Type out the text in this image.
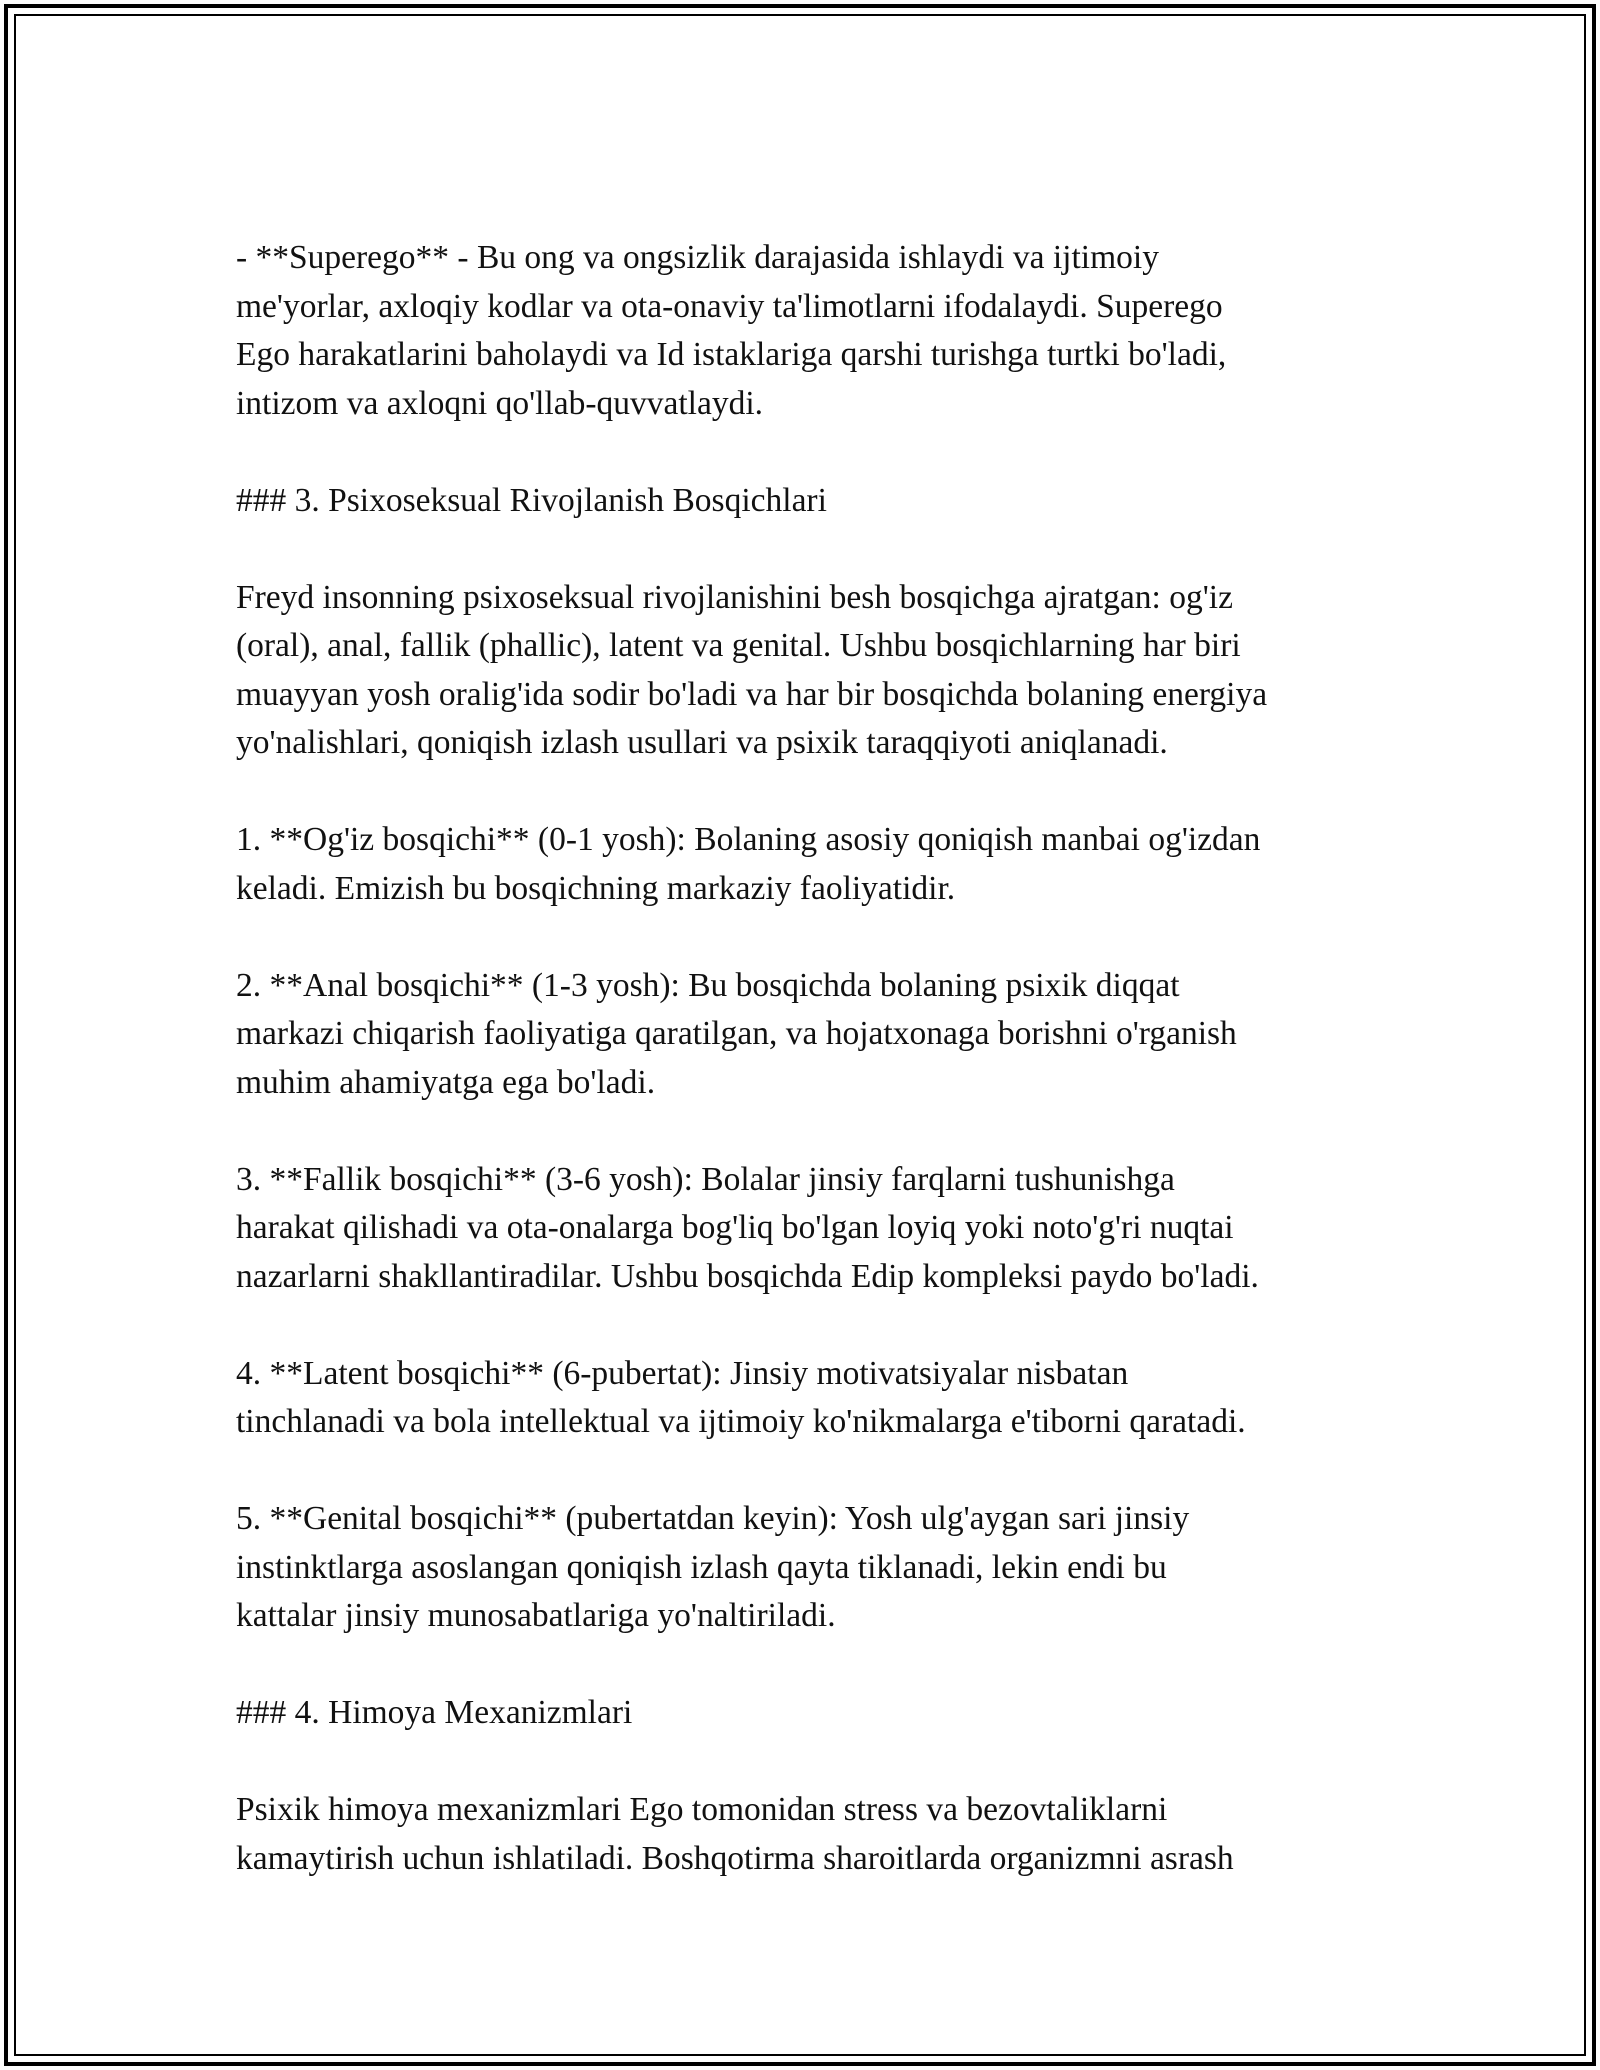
- **Superego** - Bu ong va ongsizlik darajasida ishlaydi va ijtimoiy
me'yorlar, axloqiy kodlar va ota-onaviy ta'limotlarni ifodalaydi. Superego
Ego harakatlarini baholaydi va Id istaklariga qarshi turishga turtki bo'ladi,
intizom va axloqni qo'llab-quvvatlaydi.

### 3. Psixoseksual Rivojlanish Bosqichlari

Freyd insonning psixoseksual rivojlanishini besh bosqichga ajratgan: og'iz
(oral), anal, fallik (phallic), latent va genital. Ushbu bosqichlarning har biri
muayyan yosh oralig'ida sodir bo'ladi va har bir bosqichda bolaning energiya
yo'nalishlari, qoniqish izlash usullari va psixik taraqqiyoti aniqlanadi.

1. **Og'iz bosqichi** (0-1 yosh): Bolaning asosiy qoniqish manbai og'izdan
keladi. Emizish bu bosqichning markaziy faoliyatidir.

2. **Anal bosqichi** (1-3 yosh): Bu bosqichda bolaning psixik diqqat
markazi chiqarish faoliyatiga qaratilgan, va hojatxonaga borishni o'rganish
muhim ahamiyatga ega bo'ladi.

3. **Fallik bosqichi** (3-6 yosh): Bolalar jinsiy farqlarni tushunishga
harakat qilishadi va ota-onalarga bog'liq bo'lgan loyiq yoki noto'g'ri nuqtai
nazarlarni shakllantiradilar. Ushbu bosqichda Edip kompleksi paydo bo'ladi.

4. **Latent bosqichi** (6-pubertat): Jinsiy motivatsiyalar nisbatan
tinchlanadi va bola intellektual va ijtimoiy ko'nikmalarga e'tiborni qaratadi.

5. **Genital bosqichi** (pubertatdan keyin): Yosh ulg'aygan sari jinsiy
instinktlarga asoslangan qoniqish izlash qayta tiklanadi, lekin endi bu
kattalar jinsiy munosabatlariga yo'naltiriladi.

### 4. Himoya Mexanizmlari

Psixik himoya mexanizmlari Ego tomonidan stress va bezovtaliklarni
kamaytirish uchun ishlatiladi. Boshqotirma sharoitlarda organizmni asrash
